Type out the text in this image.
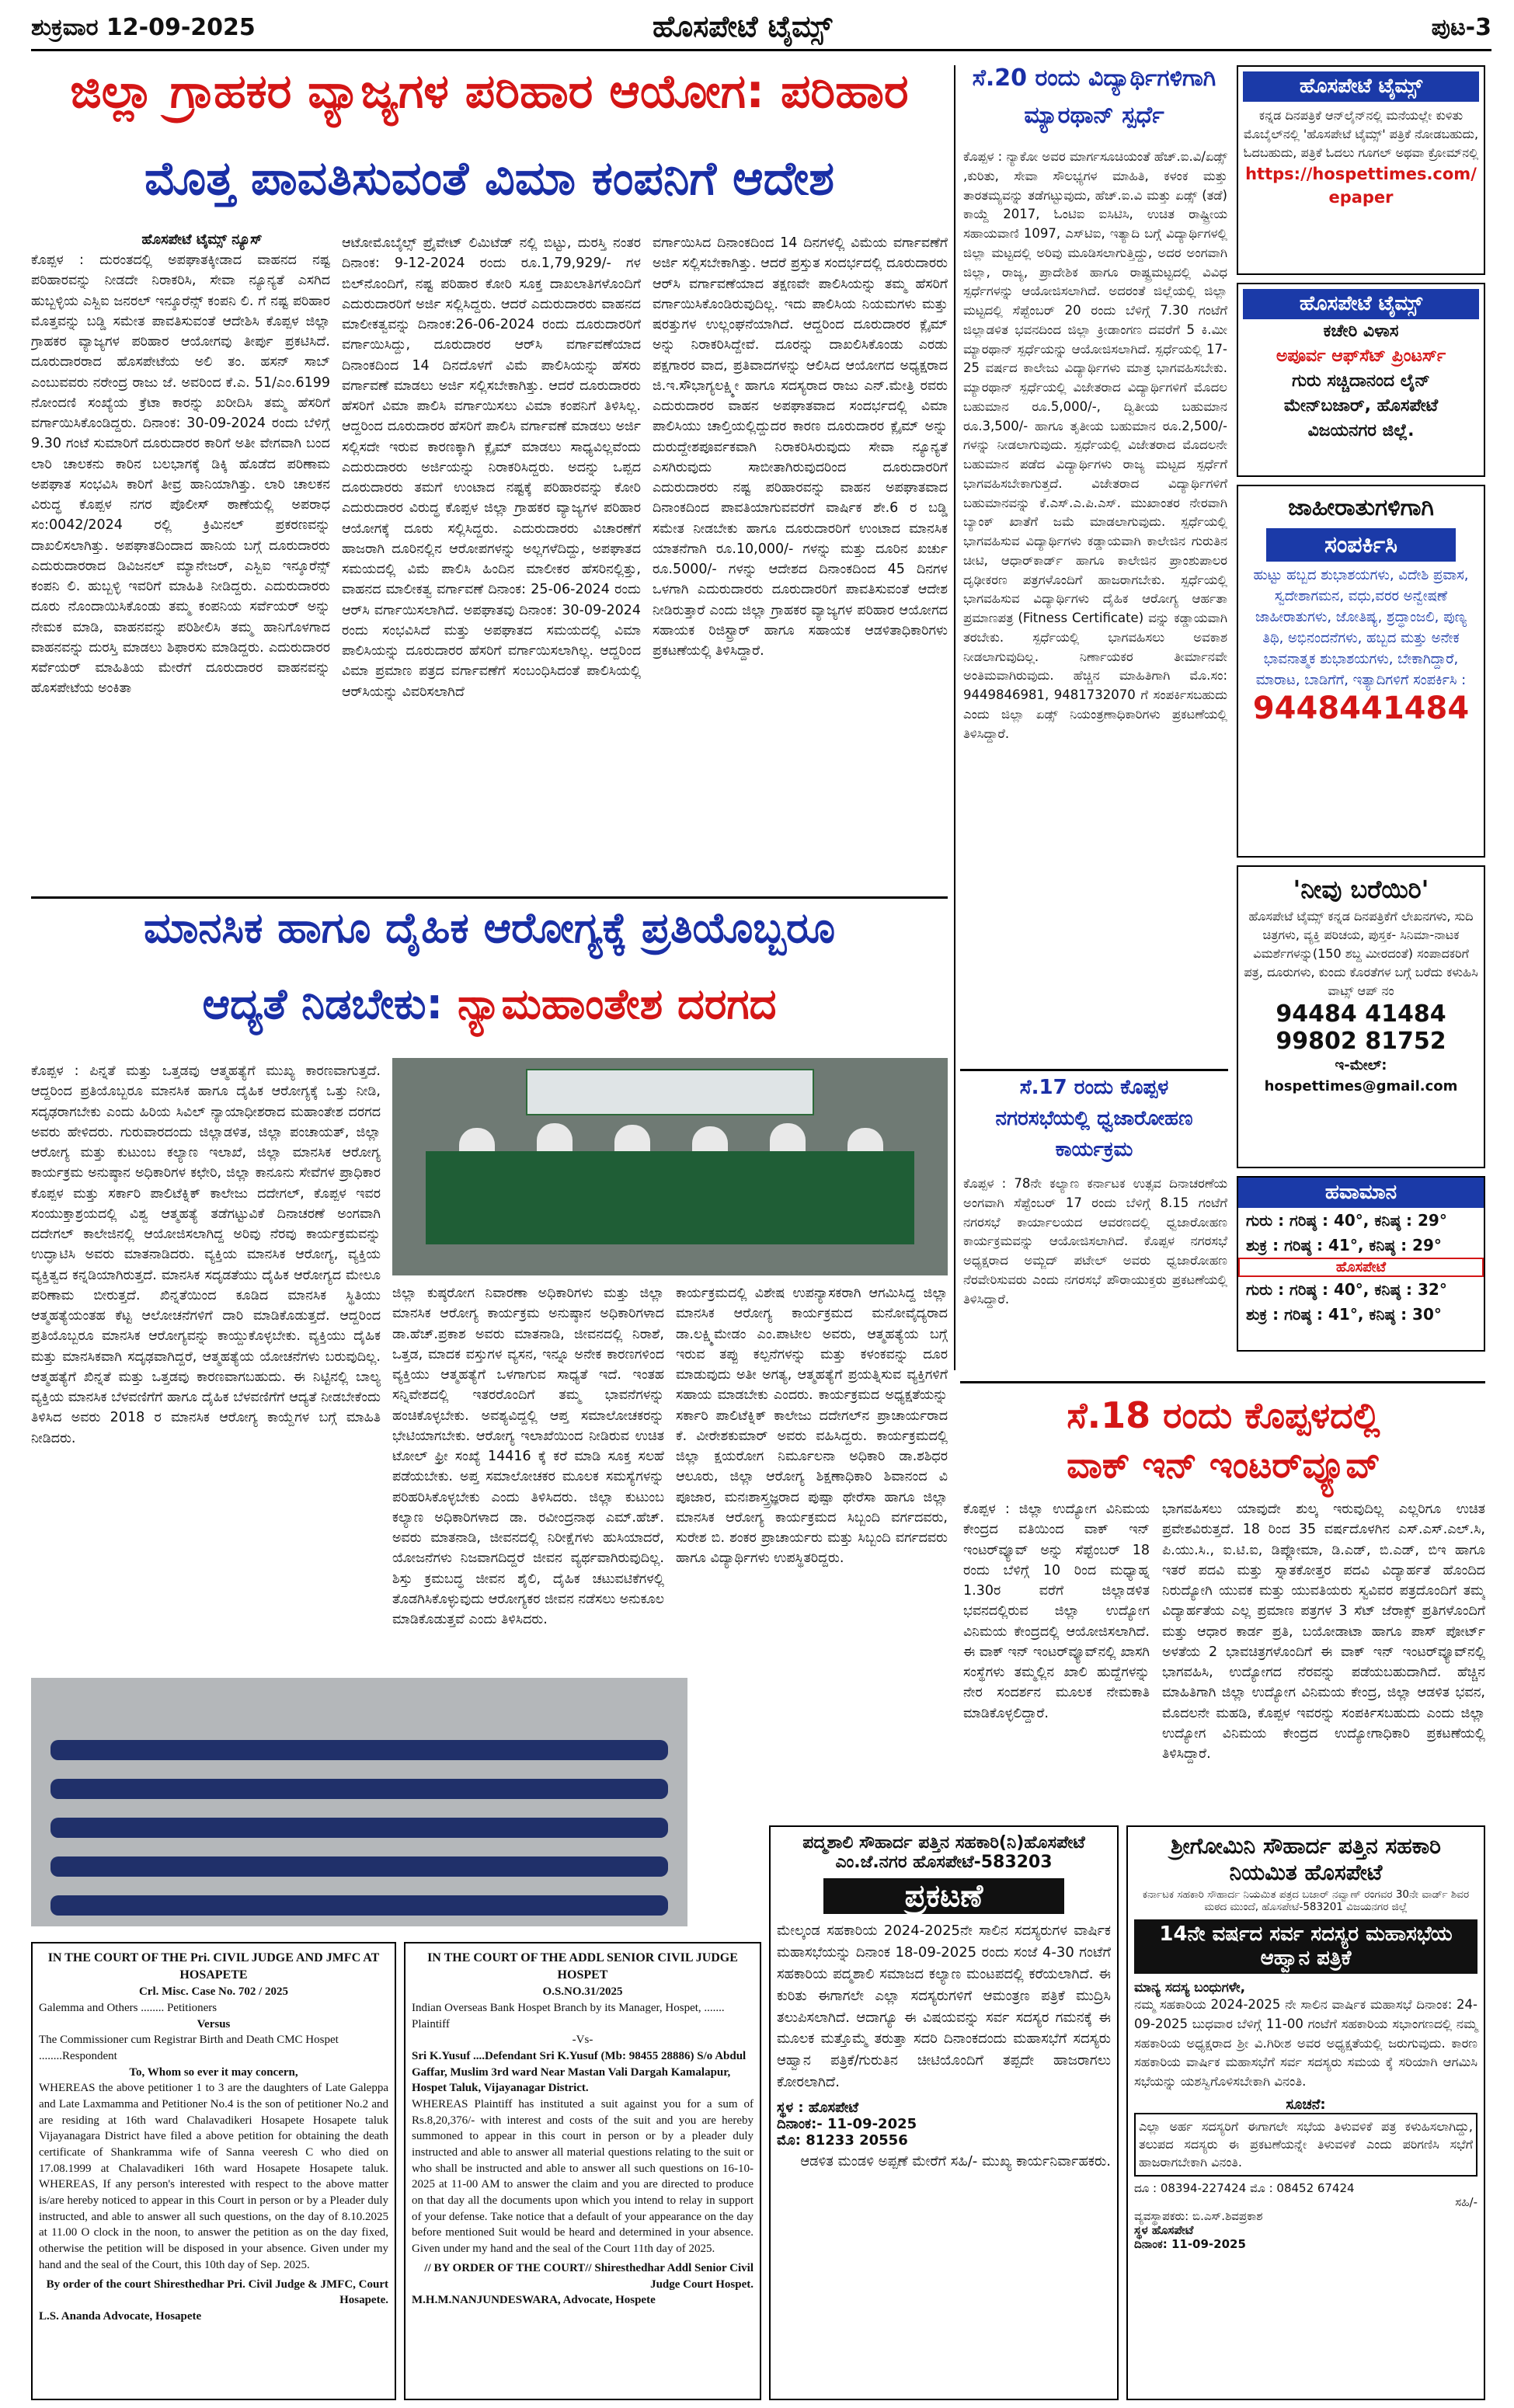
ಶುಕ್ರವಾರ 12-09-2025	ಹೊಸಪೇಟೆ ಟೈಮ್ಸ್	ಪುಟ-3
ಜಿಲ್ಲಾ ಗ್ರಾಹಕರ ವ್ಯಾಜ್ಯಗಳ ಪರಿಹಾರ ಆಯೋಗ: ಪರಿಹಾರ
ಮೊತ್ತ ಪಾವತಿಸುವಂತೆ ವಿಮಾ ಕಂಪನಿಗೆ ಆದೇಶ
ಹೊಸಪೇಟೆ ಟೈಮ್ಸ್ ನ್ಯೂಸ್
ಕೊಪ್ಪಳ : ದುರಂತದಲ್ಲಿ ಅಪಘಾತಕ್ಕೀಡಾದ ವಾಹನದ ನಷ್ಟ ಪರಿಹಾರವನ್ನು ನೀಡದೇ ನಿರಾಕರಿಸಿ, ಸೇವಾ ನ್ಯೂನ್ಯತೆ ಎಸಗಿದ ಹುಬ್ಬಳ್ಳಿಯ ಎಸ್ಬಿಐ ಜನರಲ್ ಇನ್ಶೂರೆನ್ಸ್ ಕಂಪನಿ ಲಿ. ಗೆ ನಷ್ಟ ಪರಿಹಾರ ಮೊತ್ತವನ್ನು ಬಡ್ಡಿ ಸಮೇತ ಪಾವತಿಸುವಂತೆ ಆದೇಶಿಸಿ ಕೊಪ್ಪಳ ಜಿಲ್ಲಾ ಗ್ರಾಹಕರ ವ್ಯಾಜ್ಯಗಳ ಪರಿಹಾರ ಆಯೋಗವು ತೀರ್ಪು ಪ್ರಕಟಿಸಿದೆ. ದೂರುದಾರರಾದ ಹೊಸಪೇಟೆಯ ಅಲಿ ತಂ. ಹಸನ್ ಸಾಬ್ ಎಂಬುವವರು ನರೇಂದ್ರ ರಾಜು ಜೆ. ಅವರಿಂದ ಕೆ.ಎ. 51/ಎಂ.6199 ನೋಂದಣಿ ಸಂಖ್ಯೆಯ ಕ್ರೆಟಾ ಕಾರನ್ನು ಖರೀದಿಸಿ ತಮ್ಮ ಹೆಸರಿಗೆ ವರ್ಗಾಯಿಸಿಕೊಂಡಿದ್ದರು. ದಿನಾಂಕ: 30-09-2024 ರಂದು ಬೆಳಿಗ್ಗೆ 9.30 ಗಂಟೆ ಸುಮಾರಿಗೆ ದೂರುದಾರರ ಕಾರಿಗೆ ಅತೀ ವೇಗವಾಗಿ ಬಂದ ಲಾರಿ ಚಾಲಕನು ಕಾರಿನ ಬಲಭಾಗಕ್ಕೆ ಡಿಕ್ಕಿ ಹೊಡೆದ ಪರಿಣಾಮ ಅಪಘಾತ ಸಂಭವಿಸಿ ಕಾರಿಗೆ ತೀವ್ರ ಹಾನಿಯಾಗಿತ್ತು. ಲಾರಿ ಚಾಲಕನ ವಿರುದ್ಧ ಕೊಪ್ಪಳ ನಗರ ಪೊಲೀಸ್ ಠಾಣೆಯಲ್ಲಿ ಅಪರಾಧ ಸಂ:0042/2024 ರಲ್ಲಿ ಕ್ರಿಮಿನಲ್ ಪ್ರಕರಣವನ್ನು ದಾಖಲಿಸಲಾಗಿತ್ತು. ಅಪಘಾತದಿಂದಾದ ಹಾನಿಯ ಬಗ್ಗೆ ದೂರುದಾರರು ಎದುರುದಾರರಾದ ಡಿವಿಜನಲ್ ಮ್ಯಾನೇಜರ್, ಎಸ್ಬಿಐ ಇನ್ಶೂರೆನ್ಸ್ ಕಂಪನಿ ಲಿ. ಹುಬ್ಬಳ್ಳಿ ಇವರಿಗೆ ಮಾಹಿತಿ ನೀಡಿದ್ದರು. ಎದುರುದಾರರು ದೂರು ನೊಂದಾಯಿಸಿಕೊಂಡು ತಮ್ಮ ಕಂಪನಿಯ ಸರ್ವೆಯರ್ ಅನ್ನು ನೇಮಕ ಮಾಡಿ, ವಾಹನವನ್ನು ಪರಿಶೀಲಿಸಿ ತಮ್ಮ ಹಾನಿಗೊಳಗಾದ ವಾಹನವನ್ನು ದುರಸ್ತಿ ಮಾಡಲು ಶಿಫಾರಸು ಮಾಡಿದ್ದರು. ಎದುರುದಾರರ ಸರ್ವೆಯರ್ ಮಾಹಿತಿಯ ಮೇರೆಗೆ ದೂರುದಾರರ ವಾಹನವನ್ನು ಹೊಸಪೇಟೆಯ ಅಂಕಿತಾ
ಆಟೋಮೊಬೈಲ್ಸ್ ಪ್ರೈವೇಟ್ ಲಿಮಿಟೆಡ್ ನಲ್ಲಿ ಬಿಟ್ಟು, ದುರಸ್ತಿ ನಂತರ ದಿನಾಂಕ: 9-12-2024 ರಂದು ರೂ.1,79,929/- ಗಳ ಬಿಲ್‌ನೊಂದಿಗೆ, ನಷ್ಟ ಪರಿಹಾರ ಕೋರಿ ಸೂಕ್ತ ದಾಖಲಾತಿಗಳೊಂದಿಗೆ ಎದುರುದಾರರಿಗೆ ಅರ್ಜಿ ಸಲ್ಲಿಸಿದ್ದರು. ಆದರೆ ಎದುರುದಾರರು ವಾಹನದ ಮಾಲೀಕತ್ವವನ್ನು ದಿನಾಂಕ:26-06-2024 ರಂದು ದೂರುದಾರರಿಗೆ ವರ್ಗಾಯಿಸಿದ್ದು, ದೂರುದಾರರ ಆರ್‌ಸಿ ವರ್ಗಾವಣೆಯಾದ ದಿನಾಂಕದಿಂದ 14 ದಿನದೊಳಗೆ ವಿಮೆ ಪಾಲಿಸಿಯನ್ನು ಹೆಸರು ವರ್ಗಾವಣೆ ಮಾಡಲು ಅರ್ಜಿ ಸಲ್ಲಿಸಬೇಕಾಗಿತ್ತು. ಆದರೆ ದೂರುದಾರರು ಹೆಸರಿಗೆ ವಿಮಾ ಪಾಲಿಸಿ ವರ್ಗಾಯಿಸಲು ವಿಮಾ ಕಂಪನಿಗೆ ತಿಳಿಸಿಲ್ಲ. ಆದ್ದರಿಂದ ದೂರುದಾರರ ಹೆಸರಿಗೆ ಪಾಲಿಸಿ ವರ್ಗಾವಣೆ ಮಾಡಲು ಅರ್ಜಿ ಸಲ್ಲಿಸದೇ ಇರುವ ಕಾರಣಕ್ಕಾಗಿ ಕ್ಲೈಮ್ ಮಾಡಲು ಸಾಧ್ಯವಿಲ್ಲವೆಂದು ಎದುರುದಾರರು ಅರ್ಜಿಯನ್ನು ನಿರಾಕರಿಸಿದ್ದರು. ಅದನ್ನು ಒಪ್ಪದ ದೂರುದಾರರು ತಮಗೆ ಉಂಟಾದ ನಷ್ಟಕ್ಕೆ ಪರಿಹಾರವನ್ನು ಕೋರಿ ಎದುರುದಾರರ ವಿರುದ್ಧ ಕೊಪ್ಪಳ ಜಿಲ್ಲಾ ಗ್ರಾಹಕರ ವ್ಯಾಜ್ಯಗಳ ಪರಿಹಾರ ಆಯೋಗಕ್ಕೆ ದೂರು ಸಲ್ಲಿಸಿದ್ದರು. ಎದುರುದಾರರು ವಿಚಾರಣೆಗೆ ಹಾಜರಾಗಿ ದೂರಿನಲ್ಲಿನ ಆರೋಪಗಳನ್ನು ಅಲ್ಲಗಳೆದಿದ್ದು, ಅಪಘಾತದ ಸಮಯದಲ್ಲಿ ವಿಮೆ ಪಾಲಿಸಿ ಹಿಂದಿನ ಮಾಲೀಕರ ಹೆಸರಿನಲ್ಲಿತ್ತು, ವಾಹನದ ಮಾಲೀಕತ್ವ ವರ್ಗಾವಣೆ ದಿನಾಂಕ: 25-06-2024 ರಂದು ಆರ್‌ಸಿ ವರ್ಗಾಯಿಸಲಾಗಿದೆ. ಅಪಘಾತವು ದಿನಾಂಕ: 30-09-2024 ರಂದು ಸಂಭವಿಸಿದೆ ಮತ್ತು ಅಪಘಾತದ ಸಮಯದಲ್ಲಿ ವಿಮಾ ಪಾಲಿಸಿಯನ್ನು ದೂರುದಾರರ ಹೆಸರಿಗೆ ವರ್ಗಾಯಿಸಲಾಗಿಲ್ಲ. ಆದ್ದರಿಂದ ವಿಮಾ ಪ್ರಮಾಣ ಪತ್ರದ ವರ್ಗಾವಣೆಗೆ ಸಂಬಂಧಿಸಿದಂತೆ ಪಾಲಿಸಿಯಲ್ಲಿ ಆರ್‌ಸಿಯನ್ನು ವಿವರಿಸಲಾಗಿದೆ
ವರ್ಗಾಯಿಸಿದ ದಿನಾಂಕದಿಂದ 14 ದಿನಗಳಲ್ಲಿ ವಿಮೆಯ ವರ್ಗಾವಣೆಗೆ ಅರ್ಜಿ ಸಲ್ಲಿಸಬೇಕಾಗಿತ್ತು. ಆದರೆ ಪ್ರಸ್ತುತ ಸಂದರ್ಭದಲ್ಲಿ ದೂರುದಾರರು ಆರ್‌ಸಿ ವರ್ಗಾವಣೆಯಾದ ತಕ್ಷಣವೇ ಪಾಲಿಸಿಯನ್ನು ತಮ್ಮ ಹೆಸರಿಗೆ ವರ್ಗಾಯಿಸಿಕೊಂಡಿರುವುದಿಲ್ಲ. ಇದು ಪಾಲಿಸಿಯ ನಿಯಮಗಳು ಮತ್ತು ಷರತ್ತುಗಳ ಉಲ್ಲಂಘನೆಯಾಗಿದೆ. ಆದ್ದರಿಂದ ದೂರುದಾರರ ಕ್ಲೈಮ್ ಅನ್ನು ನಿರಾಕರಿಸಿದ್ದೇವೆ. ದೂರನ್ನು ದಾಖಲಿಸಿಕೊಂಡು ಎರಡು ಪಕ್ಷಗಾರರ ವಾದ, ಪ್ರತಿವಾದಗಳನ್ನು ಆಲಿಸಿದ ಆಯೋಗದ ಅಧ್ಯಕ್ಷರಾದ ಜಿ.ಇ.ಸೌಭಾಗ್ಯಲಕ್ಷ್ಮೀ ಹಾಗೂ ಸದಸ್ಯರಾದ ರಾಜು ಎನ್.ಮೇತ್ರಿ ರವರು ಎದುರುದಾರರ ವಾಹನ ಅಪಘಾತವಾದ ಸಂದರ್ಭದಲ್ಲಿ ವಿಮಾ ಪಾಲಿಸಿಯು ಚಾಲ್ತಿಯಲ್ಲಿದ್ದುದರ ಕಾರಣ ದೂರುದಾರರ ಕ್ಲೈಮ್ ಅನ್ನು ದುರುದ್ದೇಶಪೂರ್ವಕವಾಗಿ ನಿರಾಕರಿಸಿರುವುದು ಸೇವಾ ನ್ಯೂನ್ಯತೆ ಎಸಗಿರುವುದು ಸಾಬೀತಾಗಿರುವುದರಿಂದ ದೂರುದಾರರಿಗೆ ಎದುರುದಾರರು ನಷ್ಟ ಪರಿಹಾರವನ್ನು ವಾಹನ ಅಪಘಾತವಾದ ದಿನಾಂಕದಿಂದ ಪಾವತಿಯಾಗುವವರೆಗೆ ವಾರ್ಷಿಕ ಶೇ.6 ರ ಬಡ್ಡಿ ಸಮೇತ ನೀಡಬೇಕು ಹಾಗೂ ದೂರುದಾರರಿಗೆ ಉಂಟಾದ ಮಾನಸಿಕ ಯಾತನೆಗಾಗಿ ರೂ.10,000/- ಗಳನ್ನು ಮತ್ತು ದೂರಿನ ಖರ್ಚು ರೂ.5000/- ಗಳನ್ನು ಆದೇಶದ ದಿನಾಂಕದಿಂದ 45 ದಿನಗಳ ಒಳಗಾಗಿ ಎದುರುದಾರರು ದೂರುದಾರರಿಗೆ ಪಾವತಿಸುವಂತೆ ಆದೇಶ ನೀಡಿರುತ್ತಾರೆ ಎಂದು ಜಿಲ್ಲಾ ಗ್ರಾಹಕರ ವ್ಯಾಜ್ಯಗಳ ಪರಿಹಾರ ಆಯೋಗದ ಸಹಾಯಕ ರಿಜಿಸ್ಟ್ರಾರ್ ಹಾಗೂ ಸಹಾಯಕ ಆಡಳಿತಾಧಿಕಾರಿಗಳು ಪ್ರಕಟಣೆಯಲ್ಲಿ ತಿಳಿಸಿದ್ದಾರೆ.
ಮಾನಸಿಕ ಹಾಗೂ ದೈಹಿಕ ಆರೋಗ್ಯಕ್ಕೆ ಪ್ರತಿಯೊಬ್ಬರೂ
ಆದ್ಯತೆ ನಿಡಬೇಕು: ನ್ಯಾಮಹಾಂತೇಶ ದರಗದ
ಕೊಪ್ಪಳ : ಪಿನ್ನತೆ ಮತ್ತು ಒತ್ತಡವು ಆತ್ಮಹತ್ಯೆಗೆ ಮುಖ್ಯ ಕಾರಣವಾಗುತ್ತದೆ. ಆದ್ದರಿಂದ ಪ್ರತಿಯೊಬ್ಬರೂ ಮಾನಸಿಕ ಹಾಗೂ ದೈಹಿಕ ಆರೋಗ್ಯಕ್ಕೆ ಒತ್ತು ನೀಡಿ, ಸದೃಢರಾಗಬೇಕು ಎಂದು ಹಿರಿಯ ಸಿವಿಲ್ ನ್ಯಾಯಾಧೀಶರಾದ ಮಹಾಂತೇಶ ದರಗದ ಅವರು ಹೇಳಿದರು. ಗುರುವಾರದಂದು ಜಿಲ್ಲಾಡಳಿತ, ಜಿಲ್ಲಾ ಪಂಚಾಯತ್, ಜಿಲ್ಲಾ ಆರೋಗ್ಯ ಮತ್ತು ಕುಟುಂಬ ಕಲ್ಯಾಣ ಇಲಾಖೆ, ಜಿಲ್ಲಾ ಮಾನಸಿಕ ಆರೋಗ್ಯ ಕಾರ್ಯಕ್ರಮ ಅನುಷ್ಠಾನ ಅಧಿಕಾರಿಗಳ ಕಛೇರಿ, ಜಿಲ್ಲಾ ಕಾನೂನು ಸೇವೆಗಳ ಪ್ರಾಧಿಕಾರ ಕೊಪ್ಪಳ ಮತ್ತು ಸರ್ಕಾರಿ ಪಾಲಿಟೆಕ್ನಿಕ್ ಕಾಲೇಜು ದದೇಗಲ್, ಕೊಪ್ಪಳ ಇವರ ಸಂಯುಕ್ತಾಶ್ರಯದಲ್ಲಿ ವಿಶ್ವ ಆತ್ಮಹತ್ಯೆ ತಡೆಗಟ್ಟುವಿಕೆ ದಿನಾಚರಣೆ ಅಂಗವಾಗಿ ದದೇಗಲ್ ಕಾಲೇಜಿನಲ್ಲಿ ಆಯೋಜಿಸಲಾಗಿದ್ದ ಅರಿವು ನೆರವು ಕಾರ್ಯಕ್ರಮವನ್ನು ಉದ್ಘಾಟಿಸಿ ಅವರು ಮಾತನಾಡಿದರು. ವ್ಯಕ್ತಿಯ ಮಾನಸಿಕ ಆರೋಗ್ಯ, ವ್ಯಕ್ತಿಯ ವ್ಯಕ್ತಿತ್ವದ ಕನ್ನಡಿಯಾಗಿರುತ್ತದೆ. ಮಾನಸಿಕ ಸದೃಡತೆಯು ದೈಹಿಕ ಆರೋಗ್ಯದ ಮೇಲೂ ಪರಿಣಾಮ ಬೀರುತ್ತದೆ. ಖಿನ್ನತೆಯಿಂದ ಕೂಡಿದ ಮಾನಸಿಕ ಸ್ಥಿತಿಯು ಆತ್ಮಹತ್ಯೆಯಂತಹ ಕೆಟ್ಟ ಆಲೋಚನೆಗಳಿಗೆ ದಾರಿ ಮಾಡಿಕೊಡುತ್ತದೆ. ಆದ್ದರಿಂದ ಪ್ರತಿಯೊಬ್ಬರೂ ಮಾನಸಿಕ ಆರೋಗ್ಯವನ್ನು ಕಾಯ್ದುಕೊಳ್ಳಬೇಕು. ವ್ಯಕ್ತಿಯು ದೈಹಿಕ ಮತ್ತು ಮಾನಸಿಕವಾಗಿ ಸದೃಢವಾಗಿದ್ದರೆ, ಆತ್ಮಹತ್ಯೆಯ ಯೋಚನೆಗಳು ಬರುವುದಿಲ್ಲ. ಆತ್ಮಹತ್ಯೆಗೆ ಖಿನ್ನತೆ ಮತ್ತು ಒತ್ತಡವು ಕಾರಣವಾಗಬಹುದು. ಈ ನಿಟ್ಟಿನಲ್ಲಿ ಬಾಲ್ಯ ವ್ಯಕ್ತಿಯ ಮಾನಸಿಕ ಬೆಳವಣಿಗೆಗೆ ಹಾಗೂ ದೈಹಿಕ ಬೆಳವಣಿಗೆಗೆ ಆದ್ಯತೆ ನೀಡಬೇಕೆಂದು ತಿಳಿಸಿದ ಅವರು 2018 ರ ಮಾನಸಿಕ ಆರೋಗ್ಯ ಕಾಯ್ದೆಗಳ ಬಗ್ಗೆ ಮಾಹಿತಿ ನೀಡಿದರು.
ಜಿಲ್ಲಾ ಕುಷ್ಠರೋಗ ನಿವಾರಣಾ ಅಧಿಕಾರಿಗಳು ಮತ್ತು ಜಿಲ್ಲಾ ಮಾನಸಿಕ ಆರೋಗ್ಯ ಕಾರ್ಯಕ್ರಮ ಅನುಷ್ಠಾನ ಅಧಿಕಾರಿಗಳಾದ ಡಾ.ಹೆಚ್.ಪ್ರಕಾಶ ಅವರು ಮಾತನಾಡಿ, ಜೀವನದಲ್ಲಿ ನಿರಾಶೆ, ಒತ್ತಡ, ಮಾದಕ ವಸ್ತುಗಳ ವ್ಯಸನ, ಇನ್ನೂ ಅನೇಕ ಕಾರಣಗಳಿಂದ ವ್ಯಕ್ತಿಯು ಆತ್ಮಹತ್ಯೆಗೆ ಒಳಗಾಗುವ ಸಾಧ್ಯತೆ ಇದೆ. ಇಂತಹ ಸನ್ನಿವೇಶದಲ್ಲಿ ಇತರರೊಂದಿಗೆ ತಮ್ಮ ಭಾವನೆಗಳನ್ನು ಹಂಚಿಕೊಳ್ಳಬೇಕು. ಅವಶ್ಯವಿದ್ದಲ್ಲಿ ಆಪ್ತ ಸಮಾಲೋಚಕರನ್ನು ಭೇಟಿಯಾಗಬೇಕು. ಆರೋಗ್ಯ ಇಲಾಖೆಯಿಂದ ನೀಡಿರುವ ಉಚಿತ ಟೋಲ್ ಫ್ರೀ ಸಂಖ್ಯೆ 14416 ಕ್ಕೆ ಕರೆ ಮಾಡಿ ಸೂಕ್ತ ಸಲಹೆ ಪಡೆಯಬೇಕು. ಅಪ್ತ ಸಮಾಲೋಚಕರ ಮೂಲಕ ಸಮಸ್ಯೆಗಳನ್ನು ಪರಿಹರಿಸಿಕೊಳ್ಳಬೇಕು ಎಂದು ತಿಳಿಸಿದರು. ಜಿಲ್ಲಾ ಕುಟುಂಬ ಕಲ್ಯಾಣ ಅಧಿಕಾರಿಗಳಾದ ಡಾ. ರವೀಂದ್ರನಾಥ ಎಮ್.ಹೆಚ್. ಅವರು ಮಾತನಾಡಿ, ಜೀವನದಲ್ಲಿ ನಿರೀಕ್ಷೆಗಳು ಹುಸಿಯಾದರೆ, ಯೋಜನೆಗಳು ನಿಜವಾಗದಿದ್ದರೆ ಜೀವನ ವ್ಯರ್ಥವಾಗಿರುವುದಿಲ್ಲ. ಶಿಸ್ತು ಕ್ರಮಬದ್ಧ ಜೀವನ ಶೈಲಿ, ದೈಹಿಕ ಚಟುವಟಿಕೆಗಳಲ್ಲಿ ತೊಡಗಿಸಿಕೊಳ್ಳುವುದು ಆರೋಗ್ಯಕರ ಜೀವನ ನಡೆಸಲು ಅನುಕೂಲ ಮಾಡಿಕೊಡುತ್ತವೆ ಎಂದು ತಿಳಿಸಿದರು.
ಕಾರ್ಯಕ್ರಮದಲ್ಲಿ ವಿಶೇಷ ಉಪನ್ಯಾಸಕರಾಗಿ ಆಗಮಿಸಿದ್ದ ಜಿಲ್ಲಾ ಮಾನಸಿಕ ಆರೋಗ್ಯ ಕಾರ್ಯಕ್ರಮದ ಮನೋವೈದ್ಯರಾದ ಡಾ.ಲಕ್ಷ್ಮಿಮೇಡಂ ಎಂ.ಪಾಟೀಲ ಅವರು, ಆತ್ಮಹತ್ಯೆಯ ಬಗ್ಗೆ ಇರುವ ತಪ್ಪು ಕಲ್ಪನೆಗಳನ್ನು ಮತ್ತು ಕಳಂಕವನ್ನು ದೂರ ಮಾಡುವುದು ಅತೀ ಅಗತ್ಯ, ಆತ್ಮಹತ್ಯೆಗೆ ಪ್ರಯತ್ನಿಸುವ ವ್ಯಕ್ತಿಗಳಿಗೆ ಸಹಾಯ ಮಾಡಬೇಕು ಎಂದರು. ಕಾರ್ಯಕ್ರಮದ ಅಧ್ಯಕ್ಷತೆಯನ್ನು ಸರ್ಕಾರಿ ಪಾಲಿಟೆಕ್ನಿಕ್ ಕಾಲೇಜು ದದೇಗಲ್‌ನ ಪ್ರಾಚಾರ್ಯರಾದ ಕೆ. ವೀರೇಶಕುಮಾರ್ ಅವರು ವಹಿಸಿದ್ದರು. ಕಾರ್ಯಕ್ರಮದಲ್ಲಿ ಜಿಲ್ಲಾ ಕ್ಷಯರೋಗ ನಿರ್ಮೂಲನಾ ಅಧಿಕಾರಿ ಡಾ.ಶಶಿಧರ ಆಲೂರು, ಜಿಲ್ಲಾ ಆರೋಗ್ಯ ಶಿಕ್ಷಣಾಧಿಕಾರಿ ಶಿವಾನಂದ ವಿ ಪೂಜಾರ, ಮನಃಶಾಸ್ತ್ರಜ್ಞರಾದ ಪುಷ್ಪಾ ಥೇರೆಸಾ ಹಾಗೂ ಜಿಲ್ಲಾ ಮಾನಸಿಕ ಆರೋಗ್ಯ ಕಾರ್ಯಕ್ರಮದ ಸಿಬ್ಬಂದಿ ವರ್ಗದವರು, ಸುರೇಶ ಬಿ. ಶಂಕರ ಪ್ರಾಚಾರ್ಯರು ಮತ್ತು ಸಿಬ್ಬಂದಿ ವರ್ಗದವರು ಹಾಗೂ ವಿದ್ಯಾರ್ಥಿಗಳು ಉಪಸ್ಥಿತರಿದ್ದರು.
ಸೆ.20 ರಂದು ವಿದ್ಯಾರ್ಥಿಗಳಿಗಾಗಿ
ಮ್ಯಾರಥಾನ್ ಸ್ಪರ್ಧೆ
ಕೊಪ್ಪಳ : ನ್ಯಾಕೋ ಅವರ ಮಾರ್ಗಸೂಚಿಯಂತೆ ಹೆಚ್.ಐ.ವಿ/ಏಡ್ಸ್ ,ಕುರಿತು, ಸೇವಾ ಸೌಲಭ್ಯಗಳ ಮಾಹಿತಿ, ಕಳಂಕ ಮತ್ತು ತಾರತಮ್ಯವನ್ನು ತಡೆಗಟ್ಟುವುದು, ಹೆಚ್.ಐ.ವಿ ಮತ್ತು ಏಡ್ಸ್ (ತಡೆ) ಕಾಯ್ದೆ 2017, ಓಂಟಿಐ ಐಸಿಟಿಸಿ, ಉಚಿತ ರಾಷ್ಟ್ರೀಯ ಸಹಾಯವಾಣಿ 1097, ಎಸ್‌ಟಿಐ, ಇತ್ಯಾದಿ ಬಗ್ಗೆ ವಿದ್ಯಾರ್ಥಿಗಳಲ್ಲಿ ಜಿಲ್ಲಾ ಮಟ್ಟದಲ್ಲಿ ಅರಿವು ಮೂಡಿಸಲಾಗುತ್ತಿದ್ದು, ಅದರ ಅಂಗವಾಗಿ ಜಿಲ್ಲಾ, ರಾಜ್ಯ, ಪ್ರಾದೇಶಿಕ ಹಾಗೂ ರಾಷ್ಟ್ರಮಟ್ಟದಲ್ಲಿ ವಿವಿಧ ಸ್ಪರ್ಧೆಗಳನ್ನು ಆಯೋಜಿಸಲಾಗಿದೆ. ಅದರಂತೆ ಜಿಲ್ಲೆಯಲ್ಲಿ ಜಿಲ್ಲಾ ಮಟ್ಟದಲ್ಲಿ ಸೆಪ್ಟೆಂಬರ್ 20 ರಂದು ಬೆಳಿಗ್ಗೆ 7.30 ಗಂಟೆಗೆ ಜಿಲ್ಲಾಡಳಿತ ಭವನದಿಂದ ಜಿಲ್ಲಾ ಕ್ರೀಡಾಂಗಣ ದವರೆಗೆ 5 ಕಿ.ಮೀ ಮ್ಯಾರಥಾನ್ ಸ್ಪರ್ಧೆಯನ್ನು ಆಯೋಜಿಸಲಾಗಿದೆ. ಸ್ಪರ್ಧೆಯಲ್ಲಿ 17-25 ವರ್ಷದ ಕಾಲೇಜು ವಿದ್ಯಾರ್ಥಿಗಳು ಮಾತ್ರ ಭಾಗವಹಿಸಬೇಕು. ಮ್ಯಾರಥಾನ್ ಸ್ಪರ್ಧೆಯಲ್ಲಿ ವಿಜೇತರಾದ ವಿದ್ಯಾರ್ಥಿಗಳಿಗೆ ಮೊದಲ ಬಹುಮಾನ ರೂ.5,000/-, ದ್ವಿತೀಯ ಬಹುಮಾನ ರೂ.3,500/- ಹಾಗೂ ತೃತೀಯ ಬಹುಮಾನ ರೂ.2,500/- ಗಳನ್ನು ನೀಡಲಾಗುವುದು. ಸ್ಪರ್ಧೆಯಲ್ಲಿ ವಿಜೇತರಾದ ಮೊದಲನೇ ಬಹುಮಾನ ಪಡೆದ ವಿದ್ಯಾರ್ಥಿಗಳು ರಾಜ್ಯ ಮಟ್ಟದ ಸ್ಪರ್ಧೆಗೆ ಭಾಗವಹಿಸಬೇಕಾಗುತ್ತದೆ. ವಿಜೇತರಾದ ವಿದ್ಯಾರ್ಥಿಗಳಿಗೆ ಬಹುಮಾನವನ್ನು ಕೆ.ಎಸ್.ಎ.ಪಿ.ಎಸ್. ಮುಖಾಂತರ ನೇರವಾಗಿ ಬ್ಯಾಂಕ್ ಖಾತೆಗೆ ಜಮೆ ಮಾಡಲಾಗುವುದು. ಸ್ಪರ್ಧೆಯಲ್ಲಿ ಭಾಗವಹಿಸುವ ವಿದ್ಯಾರ್ಥಿಗಳು ಕಡ್ಡಾಯವಾಗಿ ಕಾಲೇಜಿನ ಗುರುತಿನ ಚೀಟಿ, ಆಧಾರ್‌ಕಾರ್ಡ್ ಹಾಗೂ ಕಾಲೇಜಿನ ಪ್ರಾಂಶುಪಾಲರ ದೃಢೀಕರಣ ಪತ್ರಗಳೊಂದಿಗೆ ಹಾಜರಾಗಬೇಕು. ಸ್ಪರ್ಧೆಯಲ್ಲಿ ಭಾಗವಹಿಸುವ ವಿದ್ಯಾರ್ಥಿಗಳು ದೈಹಿಕ ಆರೋಗ್ಯ ಆರ್ಹತಾ ಪ್ರಮಾಣಪತ್ರ (Fitness Certificate) ವನ್ನು ಕಡ್ಡಾಯವಾಗಿ ತರಬೇಕು. ಸ್ಪರ್ಧೆಯಲ್ಲಿ ಭಾಗವಹಿಸಲು ಅವಕಾಶ ನೀಡಲಾಗುವುದಿಲ್ಲ. ನಿರ್ಣಾಯಕರ ತೀರ್ಮಾನವೇ ಅಂತಿಮವಾಗಿರುವುದು. ಹೆಚ್ಚಿನ ಮಾಹಿತಿಗಾಗಿ ಮೊ.ಸಂ: 9449846981, 9481732070 ಗೆ ಸಂಪರ್ಕಿಸಬಹುದು ಎಂದು ಜಿಲ್ಲಾ ಏಡ್ಸ್ ನಿಯಂತ್ರಣಾಧಿಕಾರಿಗಳು ಪ್ರಕಟಣೆಯಲ್ಲಿ ತಿಳಿಸಿದ್ದಾರೆ.
ಸೆ.17 ರಂದು ಕೊಪ್ಪಳ
ನಗರಸಭೆಯಲ್ಲಿ ಧ್ವಜಾರೋಹಣ
ಕಾರ್ಯಕ್ರಮ
ಕೊಪ್ಪಳ : 78ನೇ ಕಲ್ಯಾಣ ಕರ್ನಾಟಕ ಉತ್ಸವ ದಿನಾಚರಣೆಯ ಅಂಗವಾಗಿ ಸೆಪ್ಟೆಂಬರ್ 17 ರಂದು ಬೆಳಿಗ್ಗೆ 8.15 ಗಂಟೆಗೆ ನಗರಸಭೆ ಕಾರ್ಯಾಲಯದ ಆವರಣದಲ್ಲಿ ಧ್ವಜಾರೋಹಣ ಕಾರ್ಯಕ್ರಮವನ್ನು ಆಯೋಜಿಸಲಾಗಿದೆ. ಕೊಪ್ಪಳ ನಗರಸಭೆ ಅಧ್ಯಕ್ಷರಾದ ಅಮ್ಜದ್ ಪಟೇಲ್ ಅವರು ಧ್ವಜಾರೋಹಣ ನೆರವೇರಿಸುವರು ಎಂದು ನಗರಸಭೆ ಪೌರಾಯುಕ್ತರು ಪ್ರಕಟಣೆಯಲ್ಲಿ ತಿಳಿಸಿದ್ದಾರೆ.
ಹೊಸಪೇಟೆ ಟೈಮ್ಸ್
ಕನ್ನಡ ದಿನಪತ್ರಿಕೆ ಆನ್‌ಲೈನ್‌ನಲ್ಲಿ ಮನೆಯಲ್ಲೇ ಕುಳಿತು ಮೊಬೈಲ್‌ನಲ್ಲಿ 'ಹೊಸಪೇಟೆ ಟೈಮ್ಸ್' ಪತ್ರಿಕೆ ನೋಡಬಹುದು, ಓದಬಹುದು, ಪತ್ರಿಕೆ ಓದಲು ಗೂಗಲ್ ಅಥವಾ ಕ್ರೋಮ್‌ನಲ್ಲಿ
https://hospettimes.com/
epaper
ಹೊಸಪೇಟೆ ಟೈಮ್ಸ್
ಕಚೇರಿ ವಿಳಾಸ
ಅಪೂರ್ವ ಆಫ್‌ಸೆಟ್ ಪ್ರಿಂಟರ್ಸ್
ಗುರು ಸಚ್ಚಿದಾನಂದ ಲೈನ್
ಮೇನ್‌ಬಜಾರ್, ಹೊಸಪೇಟೆ
ವಿಜಯನಗರ ಜಿಲ್ಲೆ.
ಜಾಹೀರಾತುಗಳಿಗಾಗಿ
ಸಂಪರ್ಕಿಸಿ
ಹುಟ್ಟು ಹಬ್ಬದ ಶುಭಾಶಯಗಳು, ವಿದೇಶಿ ಪ್ರವಾಸ, ಸ್ವದೇಶಾಗಮನ, ವಧು,ವರರ ಅನ್ವೇಷಣೆ ಜಾಹೀರಾತುಗಳು, ಜೋತಿಷ್ಯ, ಶ್ರದ್ಧಾಂಜಲಿ, ಪುಣ್ಯ ತಿಥಿ, ಅಭಿನಂದನೆಗಳು, ಹಬ್ಬದ ಮತ್ತು ಅನೇಕ ಭಾವನಾತ್ಮಕ ಶುಭಾಶಯಗಳು, ಬೇಕಾಗಿದ್ದಾರೆ, ಮಾರಾಟ, ಬಾಡಿಗೆಗೆ, ಇತ್ಯಾದಿಗಳಿಗೆ ಸಂಪರ್ಕಿಸಿ :
9448441484
'ನೀವು ಬರೆಯಿರಿ'
ಹೊಸಪೇಟೆ ಟೈಮ್ಸ್ ಕನ್ನಡ ದಿನಪತ್ರಿಕೆಗೆ ಲೇಖನಗಳು, ಸುದಿ ಚಿತ್ರಗಳು, ವ್ಯಕ್ತಿ ಪರಿಚಯ, ಪುಸ್ತಕ- ಸಿನಿಮಾ-ನಾಟಕ ವಿಮರ್ಶೆಗಳನ್ನು(150 ಶಬ್ದ ಮೀರದಂತೆ) ಸಂಪಾದಕರಿಗೆ ಪತ್ರ, ದೂರುಗಳು, ಕುಂದು ಕೊರತೆಗಳ ಬಗ್ಗೆ ಬರೆದು ಕಳುಹಿಸಿ ವಾಟ್ಸ್ ಆಪ್ ನಂ
94484 41484
99802 81752
ಇ-ಮೇಲ್: hospettimes@gmail.com
ಹವಾಮಾನ
ಗುರು : ಗರಿಷ್ಠ : 40°, ಕನಿಷ್ಠ : 29°
ಶುಕ್ರ : ಗರಿಷ್ಠ : 41°, ಕನಿಷ್ಠ : 29°
ಹೊಸಪೇಟೆ
ಗುರು : ಗರಿಷ್ಠ : 40°, ಕನಿಷ್ಠ : 32°
ಶುಕ್ರ : ಗರಿಷ್ಠ : 41°, ಕನಿಷ್ಠ : 30°
ಸೆ.18 ರಂದು ಕೊಪ್ಪಳದಲ್ಲಿ
ವಾಕ್ ಇನ್ ಇಂಟರ್‌ವ್ಯೂವ್
ಕೊಪ್ಪಳ : ಜಿಲ್ಲಾ ಉದ್ಯೋಗ ವಿನಿಮಯ ಕೇಂದ್ರದ ವತಿಯಿಂದ ವಾಕ್ ಇನ್ ಇಂಟರ್‌ವ್ಯೂವ್ ಅನ್ನು ಸೆಪ್ಟೆಂಬರ್ 18 ರಂದು ಬೆಳಿಗ್ಗೆ 10 ರಿಂದ ಮಧ್ಯಾಹ್ನ 1.30ರ ವರೆಗೆ ಜಿಲ್ಲಾಡಳಿತ ಭವನದಲ್ಲಿರುವ ಜಿಲ್ಲಾ ಉದ್ಯೋಗ ವಿನಿಮಯ ಕೇಂದ್ರದಲ್ಲಿ ಆಯೋಜಿಸಲಾಗಿದೆ. ಈ ವಾಕ್ ಇನ್ ಇಂಟರ್‌ವ್ಯೂವ್‌ನಲ್ಲಿ ಖಾಸಗಿ ಸಂಸ್ಥೆಗಳು ತಮ್ಮಲ್ಲಿನ ಖಾಲಿ ಹುದ್ದೆಗಳನ್ನು ನೇರ ಸಂದರ್ಶನ ಮೂಲಕ ನೇಮಕಾತಿ ಮಾಡಿಕೊಳ್ಳಲಿದ್ದಾರೆ.
ಭಾಗವಹಿಸಲು ಯಾವುದೇ ಶುಲ್ಕ ಇರುವುದಿಲ್ಲ ಎಲ್ಲರಿಗೂ ಉಚಿತ ಪ್ರವೇಶವಿರುತ್ತದೆ. 18 ರಿಂದ 35 ವರ್ಷದೊಳಗಿನ ಎಸ್.ಎಸ್.ಎಲ್.ಸಿ, ಪಿ.ಯು.ಸಿ., ಐ.ಟಿ.ಐ, ಡಿಪ್ಲೋಮಾ, ಡಿ.ಎಡ್, ಬಿ.ಎಡ್, ಬಿಇ ಹಾಗೂ ಇತರೆ ಪದವಿ ಮತ್ತು ಸ್ನಾತಕೋತ್ತರ ಪದವಿ ವಿದ್ಯಾರ್ಹತೆ ಹೊಂದಿದ ನಿರುದ್ಯೋಗಿ ಯುವಕ ಮತ್ತು ಯುವತಿಯರು ಸ್ವವಿವರ ಪತ್ರದೊಂದಿಗೆ ತಮ್ಮ ವಿದ್ಯಾರ್ಹತೆಯ ಎಲ್ಲ ಪ್ರಮಾಣ ಪತ್ರಗಳ 3 ಸೆಟ್ ಜೆರಾಕ್ಸ್ ಪ್ರತಿಗಳೊಂದಿಗೆ ಮತ್ತು ಆಧಾರ ಕಾರ್ಡ ಪ್ರತಿ, ಬಯೋಡಾಟಾ ಹಾಗೂ ಪಾಸ್ ಪೋರ್ಟ್ ಅಳತೆಯ 2 ಭಾವಚಿತ್ರಗಳೊಂದಿಗೆ ಈ ವಾಕ್ ಇನ್ ಇಂಟರ್‌ವ್ಯೂವ್‌ನಲ್ಲಿ ಭಾಗವಹಿಸಿ, ಉದ್ಯೋಗದ ನೆರವನ್ನು ಪಡೆಯಬಹುದಾಗಿದೆ. ಹೆಚ್ಚಿನ ಮಾಹಿತಿಗಾಗಿ ಜಿಲ್ಲಾ ಉದ್ಯೋಗ ವಿನಿಮಯ ಕೇಂದ್ರ, ಜಿಲ್ಲಾ ಆಡಳಿತ ಭವನ, ಮೊದಲನೇ ಮಹಡಿ, ಕೊಪ್ಪಳ ಇವರನ್ನು ಸಂಪರ್ಕಿಸಬಹುದು ಎಂದು ಜಿಲ್ಲಾ ಉದ್ಯೋಗ ವಿನಿಮಯ ಕೇಂದ್ರದ ಉದ್ಯೋಗಾಧಿಕಾರಿ ಪ್ರಕಟಣೆಯಲ್ಲಿ ತಿಳಿಸಿದ್ದಾರೆ.
IN THE COURT OF THE Pri. CIVIL JUDGE AND JMFC AT HOSAPETE
Crl. Misc. Case No. 702 / 2025
Galemma and Others ........ Petitioners
Versus
The Commissioner cum Registrar Birth and Death CMC Hospet ........Respondent
To, Whom so ever it may concern,
WHEREAS the above petitioner 1 to 3 are the daughters of Late Galeppa and Late Laxmamma and Petitioner No.4 is the son of petitioner No.2 and are residing at 16th ward Chalavadikeri Hosapete Hosapete taluk Vijayanagara District have filed a above petition for obtaining the death certificate of Shankramma wife of Sanna veeresh C who died on 17.08.1999 at Chalavadikeri 16th ward Hosapete Hosapete taluk. WHEREAS, If any person's interested with respect to the above matter is/are hereby noticed to appear in this Court in person or by a Pleader duly instructed, and able to answer all such questions, on the day of 8.10.2025 at 11.00 O clock in the noon, to answer the petition as on the day fixed, otherwise the petition will be disposed in your absence. Given under my hand and the seal of the Court, this 10th day of Sep. 2025.
By order of the court Shiresthedhar Pri. Civil Judge & JMFC, Court Hosapete.
L.S. Ananda Advocate, Hosapete
IN THE COURT OF THE ADDL SENIOR CIVIL JUDGE HOSPET
O.S.NO.31/2025
Indian Overseas Bank Hospet Branch by its Manager, Hospet, ....... Plaintiff
-Vs-
Sri K.Yusuf ....Defendant Sri K.Yusuf (Mb: 98455 28886) S/o Abdul Gaffar, Muslim 3rd ward Near Mastan Vali Dargah Kamalapur, Hospet Taluk, Vijayanagar District.
WHEREAS Plaintiff has instituted a suit against you for a sum of Rs.8,20,376/- with interest and costs of the suit and you are hereby summoned to appear in this court in person or by a pleader duly instructed and able to answer all material questions relating to the suit or who shall be instructed and able to answer all such questions on 16-10-2025 at 11-00 AM to answer the claim and you are directed to produce on that day all the documents upon which you intend to relay in support of your defense. Take notice that a default of your appearance on the day before mentioned Suit would be heard and determined in your absence. Given under my hand and the seal of the Court 11th day of 2025.
// BY ORDER OF THE COURT// Shiresthedhar Addl Senior Civil Judge Court Hospet.
M.H.M.NANJUNDESWARA, Advocate, Hospete
ಪದ್ಮಶಾಲಿ ಸೌಹಾರ್ದ ಪತ್ತಿನ ಸಹಕಾರಿ(ನಿ)ಹೊಸಪೇಟೆ
ಎಂ.ಜೆ.ನಗರ ಹೊಸಪೇಟೆ-583203
ಪ್ರಕಟಣೆ
ಮೇಲ್ಕಂಡ ಸಹಕಾರಿಯ 2024-2025ನೇ ಸಾಲಿನ ಸದಸ್ಯರುಗಳ ವಾರ್ಷಿಕ ಮಹಾಸಭೆಯನ್ನು ದಿನಾಂಕ 18-09-2025 ರಂದು ಸಂಜೆ 4-30 ಗಂಟೆಗೆ ಸಹಕಾರಿಯ ಪದ್ಮಶಾಲಿ ಸಮಾಜದ ಕಲ್ಯಾಣ ಮಂಟಪದಲ್ಲಿ ಕರೆಯಲಾಗಿದೆ. ಈ ಕುರಿತು ಈಗಾಗಲೇ ಎಲ್ಲಾ ಸದಸ್ಯರುಗಳಿಗೆ ಆಮಂತ್ರಣ ಪತ್ರಿಕೆ ಮುದ್ರಿಸಿ ತಲುಪಿಸಲಾಗಿದೆ. ಆದಾಗ್ಯೂ ಈ ವಿಷಯವನ್ನು ಸರ್ವ ಸದಸ್ಯರ ಗಮನಕ್ಕೆ ಈ ಮೂಲಕ ಮತ್ತೊಮ್ಮೆ ತರುತ್ತಾ ಸದರಿ ದಿನಾಂಕದಂದು ಮಹಾಸಭೆಗೆ ಸದಸ್ಯರು ಆಹ್ವಾನ ಪತ್ರಿಕೆ/ಗುರುತಿನ ಚೀಟಿಯೊಂದಿಗೆ ತಪ್ಪದೇ ಹಾಜರಾಗಲು ಕೋರಲಾಗಿದೆ.
ಸ್ಥಳ : ಹೊಸಪೇಟೆ
ದಿನಾಂಕ:- 11-09-2025
ಮೊ: 81233 20556
ಆಡಳಿತ ಮಂಡಳಿ ಅಪ್ಪಣೆ ಮೇರೆಗೆ ಸಹಿ/- ಮುಖ್ಯ ಕಾರ್ಯನಿರ್ವಾಹಕರು.
ಶ್ರೀಗೋಮಿನಿ ಸೌಹಾರ್ದ ಪತ್ತಿನ ಸಹಕಾರಿ ನಿಯಮಿತ ಹೊಸಪೇಟೆ
ಕರ್ನಾಟಕ ಸಹಕಾರಿ ಸೌಹಾರ್ದ ನಿಯಮಿತ ಪತ್ರದ ಬಜಾರ್ ನವ್ವಾಣ್ ರಂಗವರ 30ನೇ ವಾರ್ಡ್ ಶಿವರ ಮಠದ ಮುಂದೆ, ಹೊಸಪೇಟೆ-583201 ವಿಜಯನಗರ ಜಿಲ್ಲೆ
14ನೇ ವರ್ಷದ ಸರ್ವ ಸದಸ್ಯರ ಮಹಾಸಭೆಯ ಆಹ್ವಾನ ಪತ್ರಿಕೆ
ಮಾನ್ಯ ಸದಸ್ಯ ಬಂಧುಗಳೇ,
ನಮ್ಮ ಸಹಕಾರಿಯ 2024-2025 ನೇ ಸಾಲಿನ ವಾರ್ಷಿಕ ಮಹಾಸಭೆ ದಿನಾಂಕ: 24-09-2025 ಬುಧವಾರ ಬೆಳಿಗ್ಗೆ 11-00 ಗಂಟೆಗೆ ಸಹಕಾರಿಯ ಸಭಾಂಗಣದಲ್ಲಿ ನಮ್ಮ ಸಹಕಾರಿಯ ಅಧ್ಯಕ್ಷರಾದ ಶ್ರೀ ವಿ.ಗಿರೀಶ ಅವರ ಅಧ್ಯಕ್ಷತೆಯಲ್ಲಿ ಜರುಗುವುದು. ಕಾರಣ ಸಹಕಾರಿಯ ವಾರ್ಷಿಕ ಮಹಾಸಭೆಗೆ ಸರ್ವ ಸದಸ್ಯರು ಸಮಯ ಕ್ಕೆ ಸರಿಯಾಗಿ ಆಗಮಿಸಿ ಸಭೆಯನ್ನು ಯಶಸ್ವಿಗೊಳಿಸಬೇಕಾಗಿ ವಿನಂತಿ.
ಸೂಚನೆ:
ಎಲ್ಲಾ ಅರ್ಹ ಸದಸ್ಯರಿಗೆ ಈಗಾಗಲೇ ಸಭೆಯ ತಿಳುವಳಿಕೆ ಪತ್ರ ಕಳುಹಿಸಲಾಗಿದ್ದು, ತಲುಪದ ಸದಸ್ಯರು ಈ ಪ್ರಕಟಣೆಯನ್ನೇ ತಿಳುವಳಿಕೆ ಎಂದು ಪರಿಗಣಿಸಿ ಸಭೆಗೆ ಹಾಜರಾಗಬೇಕಾಗಿ ವಿನಂತಿ.
ದೂ : 08394-227424 ಮೊ : 08452 67424
ಸಹಿ/-
ವ್ಯವಸ್ಥಾಪಕರು: ಬಿ.ಎಸ್.ಶಿವಪ್ರಕಾಶ
ಸ್ಥಳ ಹೊಸಪೇಟೆ
ದಿನಾಂಕ: 11-09-2025
